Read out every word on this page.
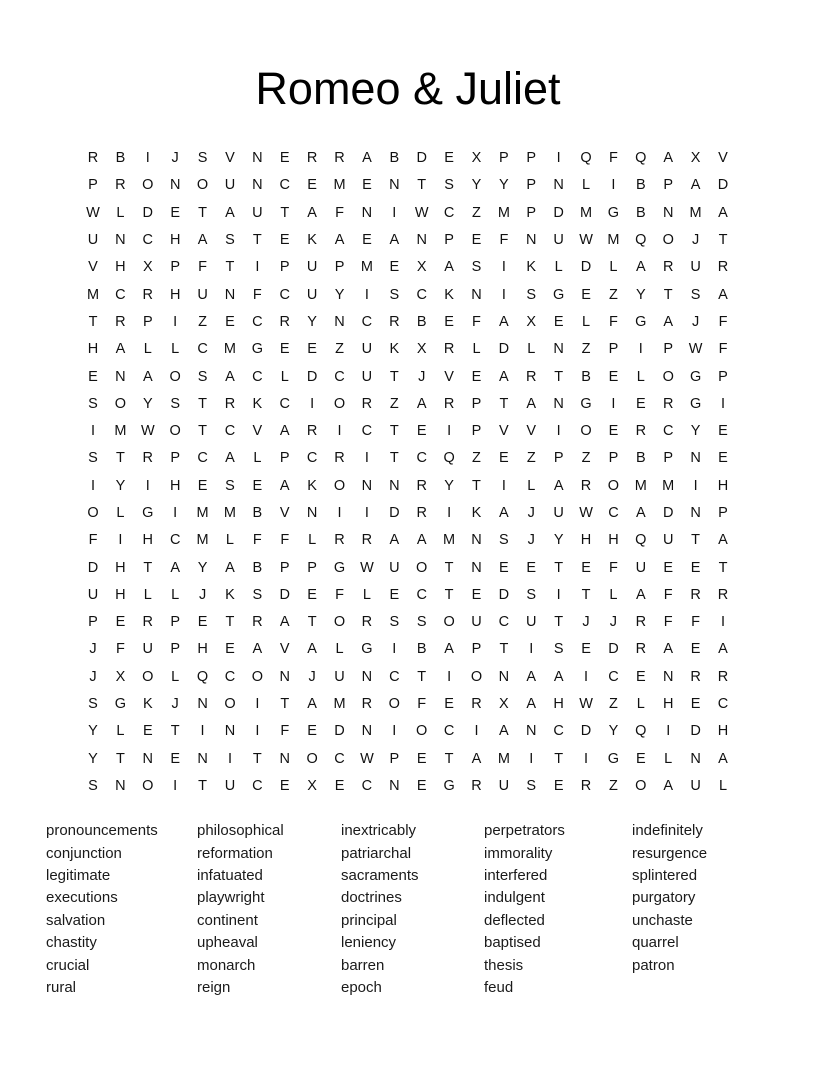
Romeo & Juliet
R	B	I	J	S	V	N	E	R	R	A	B	D	E	X	P	P	I	Q	F	Q	A	X	V
P	R	O	N	O	U	N	C	E	M	E	N	T	S	Y	Y	P	N	L	I	B	P	A	D
W	L	D	E	T	A	U	T	A	F	N	I	W	C	Z	M	P	D	M	G	B	N	M	A
U	N	C	H	A	S	T	E	K	A	E	A	N	P	E	F	N	U	W	M	Q	O	J	T
V	H	X	P	F	T	I	P	U	P	M	E	X	A	S	I	K	L	D	L	A	R	U	R
M	C	R	H	U	N	F	C	U	Y	I	S	C	K	N	I	S	G	E	Z	Y	T	S	A
T	R	P	I	Z	E	C	R	Y	N	C	R	B	E	F	A	X	E	L	F	G	A	J	F
H	A	L	L	C	M	G	E	E	Z	U	K	X	R	L	D	L	N	Z	P	I	P	W	F
E	N	A	O	S	A	C	L	D	C	U	T	J	V	E	A	R	T	B	E	L	O	G	P
S	O	Y	S	T	R	K	C	I	O	R	Z	A	R	P	T	A	N	G	I	E	R	G	I
I	M	W	O	T	C	V	A	R	I	C	T	E	I	P	V	V	I	O	E	R	C	Y	E
S	T	R	P	C	A	L	P	C	R	I	T	C	Q	Z	E	Z	P	Z	P	B	P	N	E
I	Y	I	H	E	S	E	A	K	O	N	N	R	Y	T	I	L	A	R	O	M	M	I	H
O	L	G	I	M	M	B	V	N	I	I	D	R	I	K	A	J	U	W	C	A	D	N	P
F	I	H	C	M	L	F	F	L	R	R	A	A	M	N	S	J	Y	H	H	Q	U	T	A
D	H	T	A	Y	A	B	P	P	G	W	U	O	T	N	E	E	T	E	F	U	E	E	T
U	H	L	L	J	K	S	D	E	F	L	E	C	T	E	D	S	I	T	L	A	F	R	R
P	E	R	P	E	T	R	A	T	O	R	S	S	O	U	C	U	T	J	J	R	F	F	I
J	F	U	P	H	E	A	V	A	L	G	I	B	A	P	T	I	S	E	D	R	A	E	A
J	X	O	L	Q	C	O	N	J	U	N	C	T	I	O	N	A	A	I	C	E	N	R	R
S	G	K	J	N	O	I	T	A	M	R	O	F	E	R	X	A	H	W	Z	L	H	E	C
Y	L	E	T	I	N	I	F	E	D	N	I	O	C	I	A	N	C	D	Y	Q	I	D	H
Y	T	N	E	N	I	T	N	O	C	W	P	E	T	A	M	I	T	I	G	E	L	N	A
S	N	O	I	T	U	C	E	X	E	C	N	E	G	R	U	S	E	R	Z	O	A	U	L
pronouncements
conjunction
legitimate
executions
salvation
chastity
crucial
rural
philosophical
reformation
infatuated
playwright
continent
upheaval
monarch
reign
inextricably
patriarchal
sacraments
doctrines
principal
leniency
barren
epoch
perpetrators
immorality
interfered
indulgent
deflected
baptised
thesis
feud
indefinitely
resurgence
splintered
purgatory
unchaste
quarrel
patron
